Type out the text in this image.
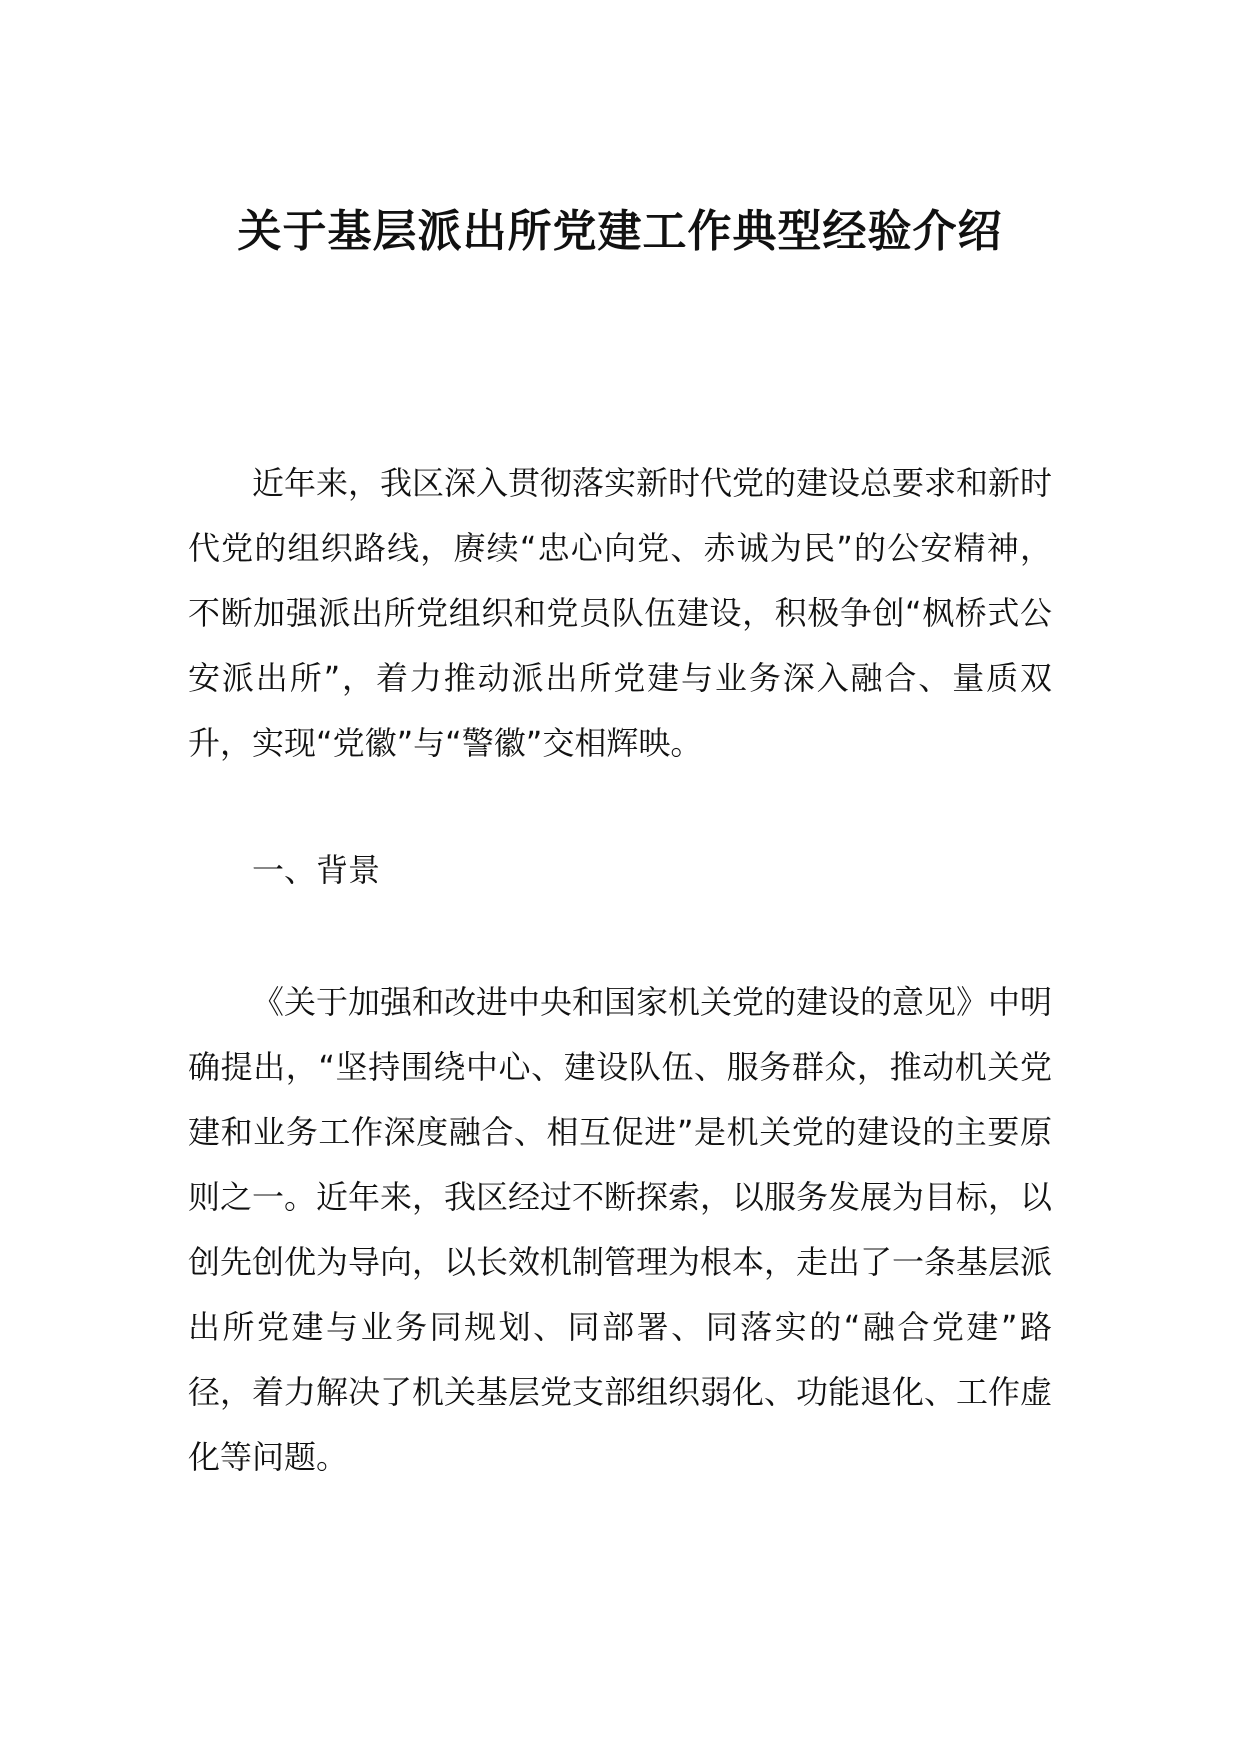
关于基层派出所党建工作典型经验介绍

近年来，我区深入贯彻落实新时代党的建设总要求和新时代党的组织路线，赓续“忠心向党、赤诚为民”的公安精神，不断加强派出所党组织和党员队伍建设，积极争创“枫桥式公安派出所”，着力推动派出所党建与业务深入融合、量质双升，实现“党徽”与“警徽”交相辉映。

一、背景

《关于加强和改进中央和国家机关党的建设的意见》中明确提出，“坚持围绕中心、建设队伍、服务群众，推动机关党建和业务工作深度融合、相互促进”是机关党的建设的主要原则之一。近年来，我区经过不断探索，以服务发展为目标，以创先创优为导向，以长效机制管理为根本，走出了一条基层派出所党建与业务同规划、同部署、同落实的“融合党建”路径，着力解决了机关基层党支部组织弱化、功能退化、工作虚化等问题。
